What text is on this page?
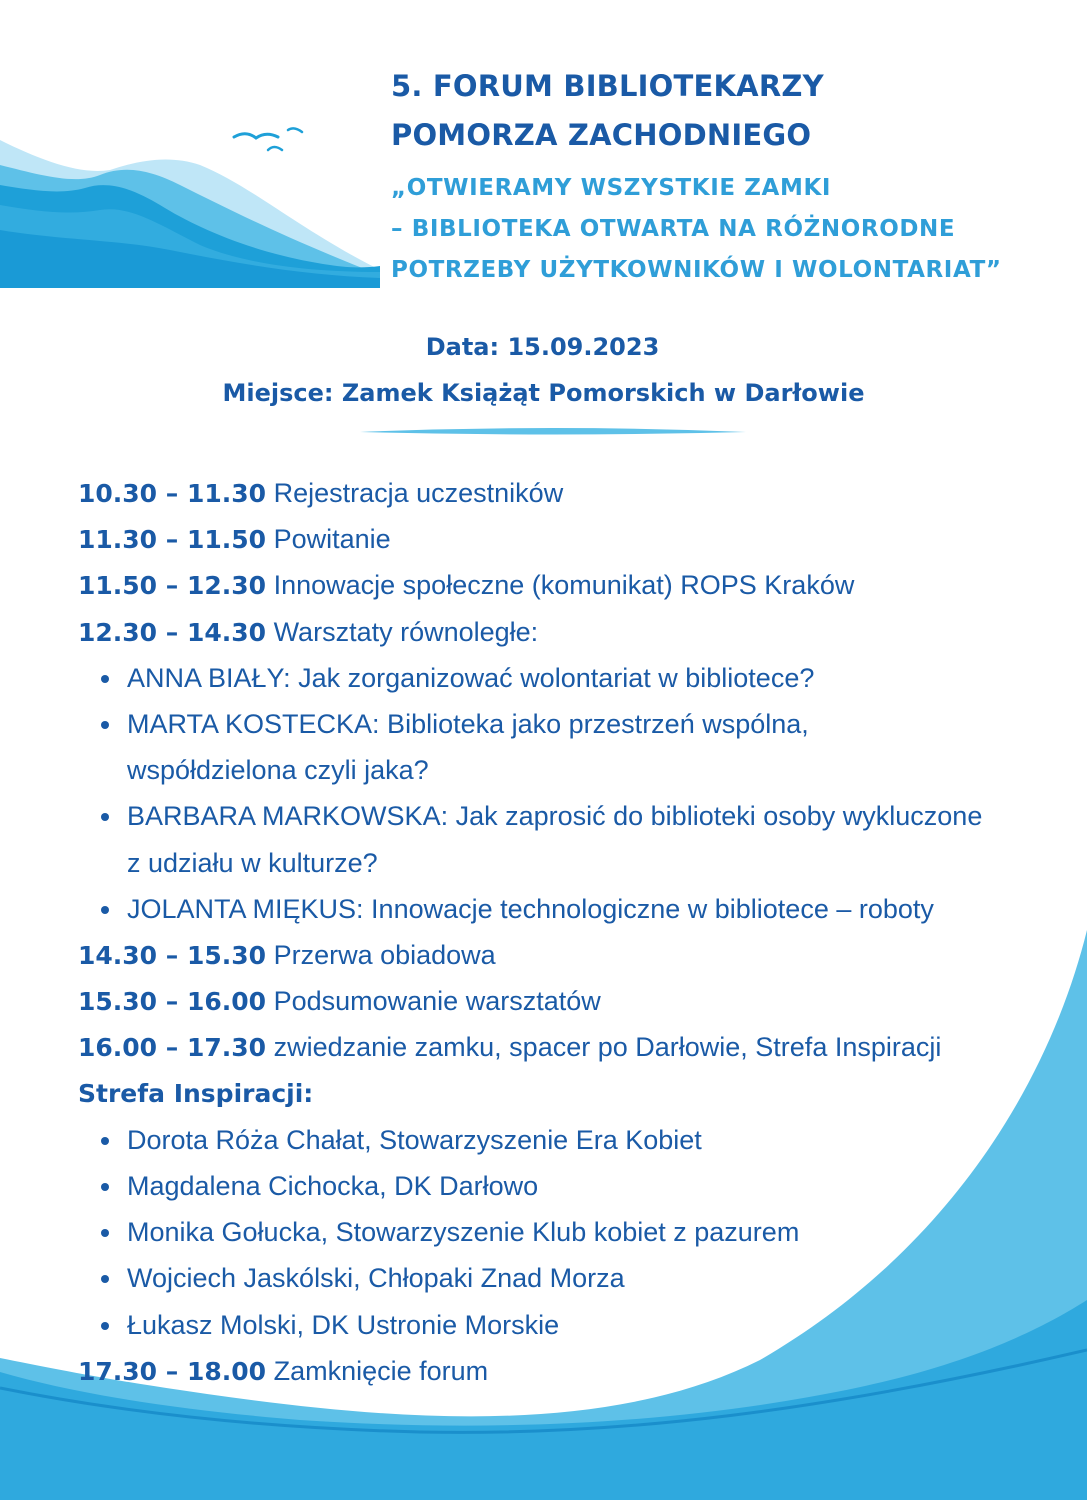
5. FORUM BIBLIOTEKARZY
POMORZA ZACHODNIEGO
„OTWIERAMY WSZYSTKIE ZAMKI
– BIBLIOTEKA OTWARTA NA RÓŻNORODNE
POTRZEBY UŻYTKOWNIKÓW I WOLONTARIAT”
Data: 15.09.2023
Miejsce: Zamek Książąt Pomorskich w Darłowie
10.30 – 11.30 Rejestracja uczestników
11.30 – 11.50 Powitanie
11.50 – 12.30 Innowacje społeczne (komunikat) ROPS Kraków
12.30 – 14.30 Warsztaty równoległe:
ANNA BIAŁY: Jak zorganizować wolontariat w bibliotece?
MARTA KOSTECKA: Biblioteka jako przestrzeń wspólna,
współdzielona czyli jaka?
BARBARA MARKOWSKA: Jak zaprosić do biblioteki osoby wykluczone
z udziału w kulturze?
JOLANTA MIĘKUS: Innowacje technologiczne w bibliotece – roboty
14.30 – 15.30 Przerwa obiadowa
15.30 – 16.00 Podsumowanie warsztatów
16.00 – 17.30 zwiedzanie zamku, spacer po Darłowie, Strefa Inspiracji
Strefa Inspiracji:
Dorota Róża Chałat, Stowarzyszenie Era Kobiet
Magdalena Cichocka, DK Darłowo
Monika Gołucka, Stowarzyszenie Klub kobiet z pazurem
Wojciech Jaskólski, Chłopaki Znad Morza
Łukasz Molski, DK Ustronie Morskie
17.30 – 18.00 Zamknięcie forum
